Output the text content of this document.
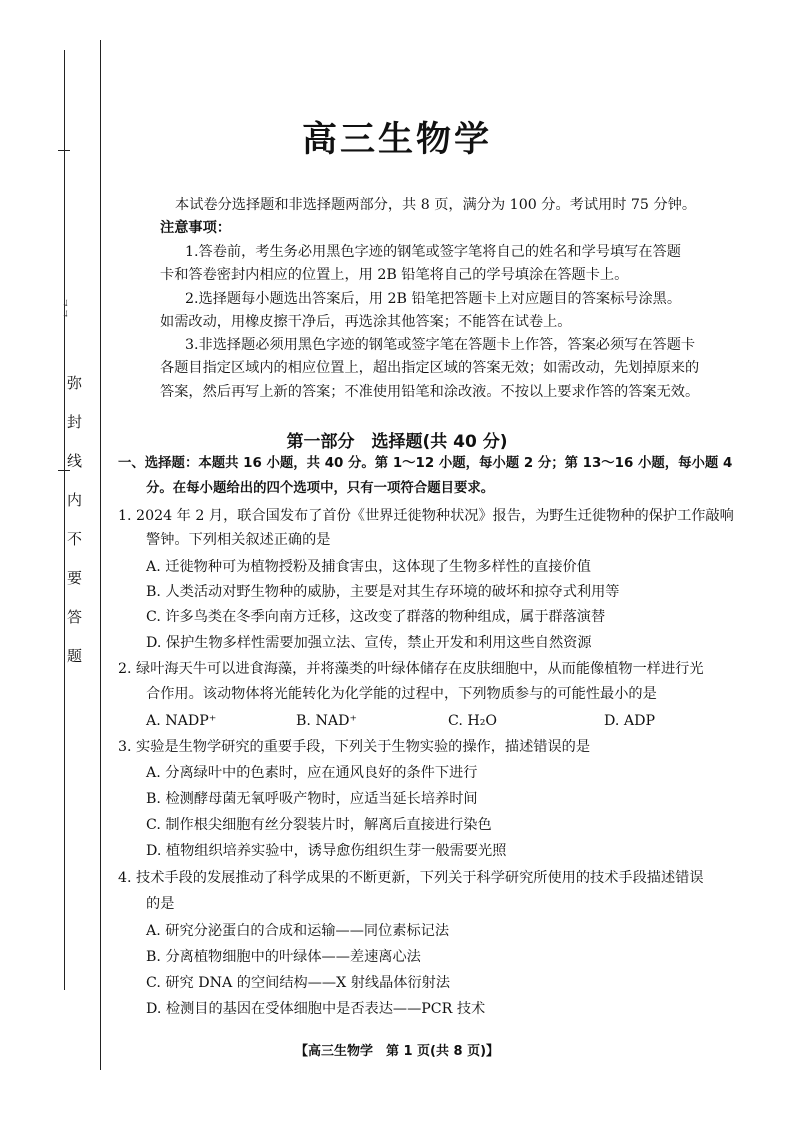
ᄀᄀ
弥封线内不要答题
高三生物学
本试卷分选择题和非选择题两部分，共 8 页，满分为 100 分。考试用时 75 分钟。
注意事项：
1.答卷前，考生务必用黑色字迹的钢笔或签字笔将自己的姓名和学号填写在答题
卡和答卷密封内相应的位置上，用 2B 铅笔将自己的学号填涂在答题卡上。
2.选择题每小题选出答案后，用 2B 铅笔把答题卡上对应题目的答案标号涂黑。
如需改动，用橡皮擦干净后，再选涂其他答案；不能答在试卷上。
3.非选择题必须用黑色字迹的钢笔或签字笔在答题卡上作答，答案必须写在答题卡
各题目指定区域内的相应位置上，超出指定区域的答案无效；如需改动，先划掉原来的
答案，然后再写上新的答案；不准使用铅笔和涂改液。不按以上要求作答的答案无效。
第一部分　选择题(共 40 分)
一、选择题：本题共 16 小题，共 40 分。第 1～12 小题，每小题 2 分；第 13～16 小题，每小题 4
分。在每小题给出的四个选项中，只有一项符合题目要求。
1. 2024 年 2 月，联合国发布了首份《世界迁徙物种状况》报告，为野生迁徙物种的保护工作敲响
警钟。下列相关叙述正确的是
A. 迁徙物种可为植物授粉及捕食害虫，这体现了生物多样性的直接价值
B. 人类活动对野生物种的威胁，主要是对其生存环境的破坏和掠夺式利用等
C. 许多鸟类在冬季向南方迁移，这改变了群落的物种组成，属于群落演替
D. 保护生物多样性需要加强立法、宣传，禁止开发和利用这些自然资源
2. 绿叶海天牛可以进食海藻，并将藻类的叶绿体储存在皮肤细胞中，从而能像植物一样进行光
合作用。该动物体将光能转化为化学能的过程中，下列物质参与的可能性最小的是
A. NADP⁺	B. NAD⁺	C. H₂O	D. ADP
3. 实验是生物学研究的重要手段，下列关于生物实验的操作，描述错误的是
A. 分离绿叶中的色素时，应在通风良好的条件下进行
B. 检测酵母菌无氧呼吸产物时，应适当延长培养时间
C. 制作根尖细胞有丝分裂装片时，解离后直接进行染色
D. 植物组织培养实验中，诱导愈伤组织生芽一般需要光照
4. 技术手段的发展推动了科学成果的不断更新，下列关于科学研究所使用的技术手段描述错误
的是
A. 研究分泌蛋白的合成和运输——同位素标记法
B. 分离植物细胞中的叶绿体——差速离心法
C. 研究 DNA 的空间结构——X 射线晶体衍射法
D. 检测目的基因在受体细胞中是否表达——PCR 技术
【高三生物学　第 1 页(共 8 页)】
